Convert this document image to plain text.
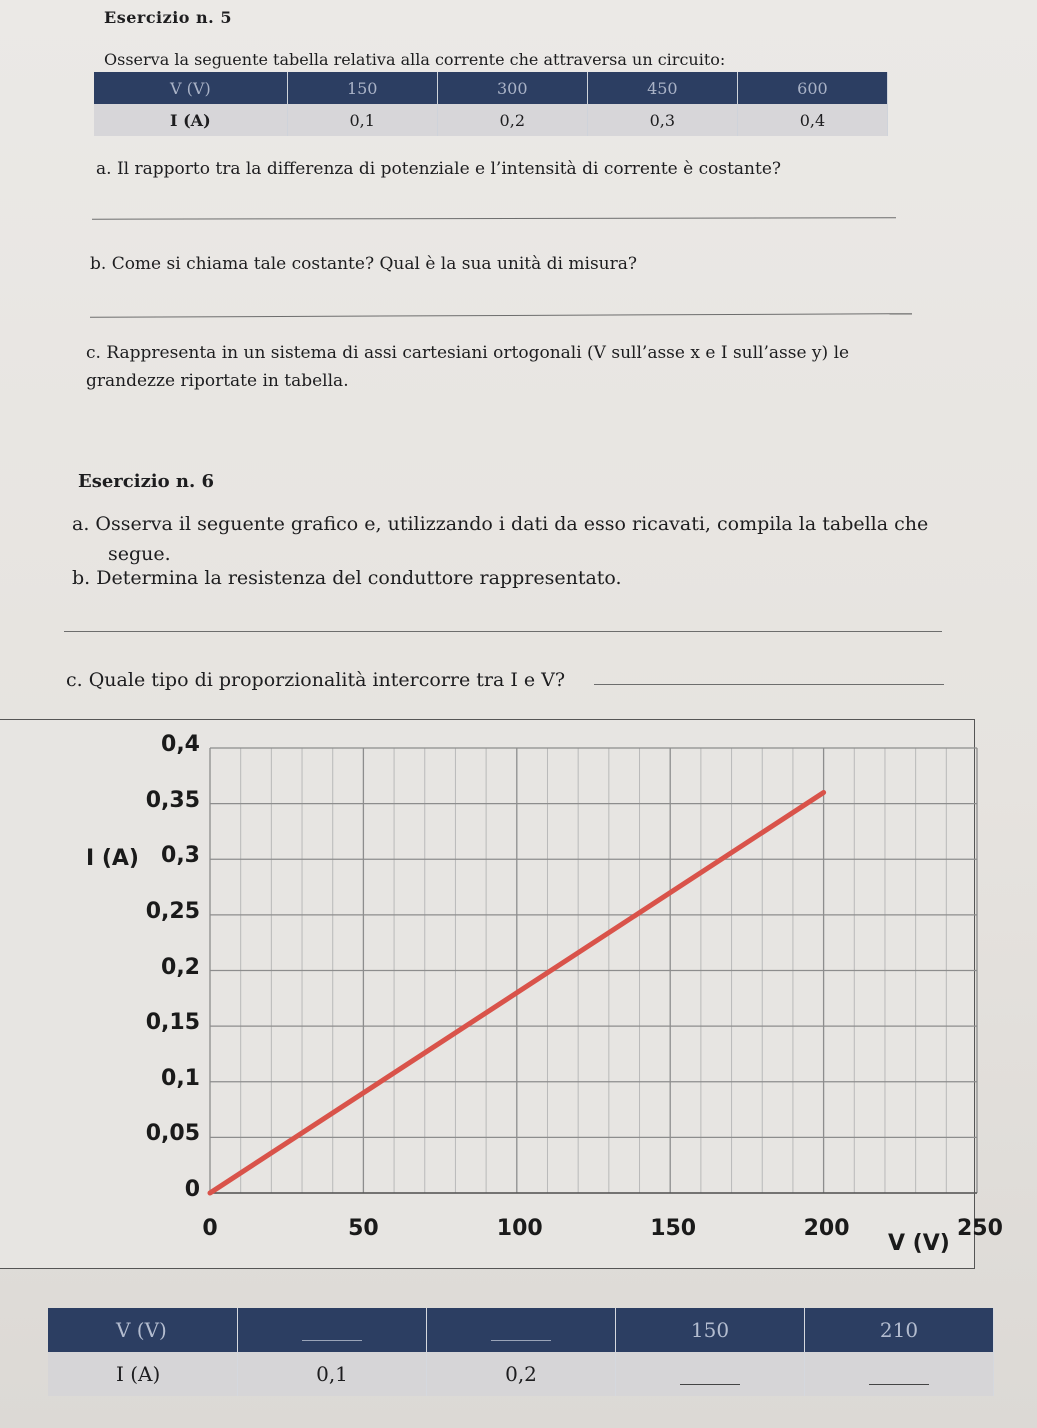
Esercizio n. 5
Osserva la seguente tabella relativa alla corrente che attraversa un circuito:
V (V)	150	300	450	600
I (A)	0,1	0,2	0,3	0,4
a. Il rapporto tra la differenza di potenziale e l’intensità di corrente è costante?
b. Come si chiama tale costante? Qual è la sua unità di misura?
c. Rappresenta in un sistema di assi cartesiani ortogonali (V sull’asse x e I sull’asse y) le
grandezze riportate in tabella.
Esercizio n. 6
a. Osserva il seguente grafico e, utilizzando i dati da esso ricavati, compila la tabella che
segue.
b. Determina la resistenza del conduttore rappresentato.
c. Quale tipo di proporzionalità intercorre tra I e V?
0
0,05
0,1
0,15
0,2
0,25
0,3
0,35
0,4
0	50	100	150	200	250
I (A)
V (V)
V (V)			150	210
I (A)	0,1	0,2		
